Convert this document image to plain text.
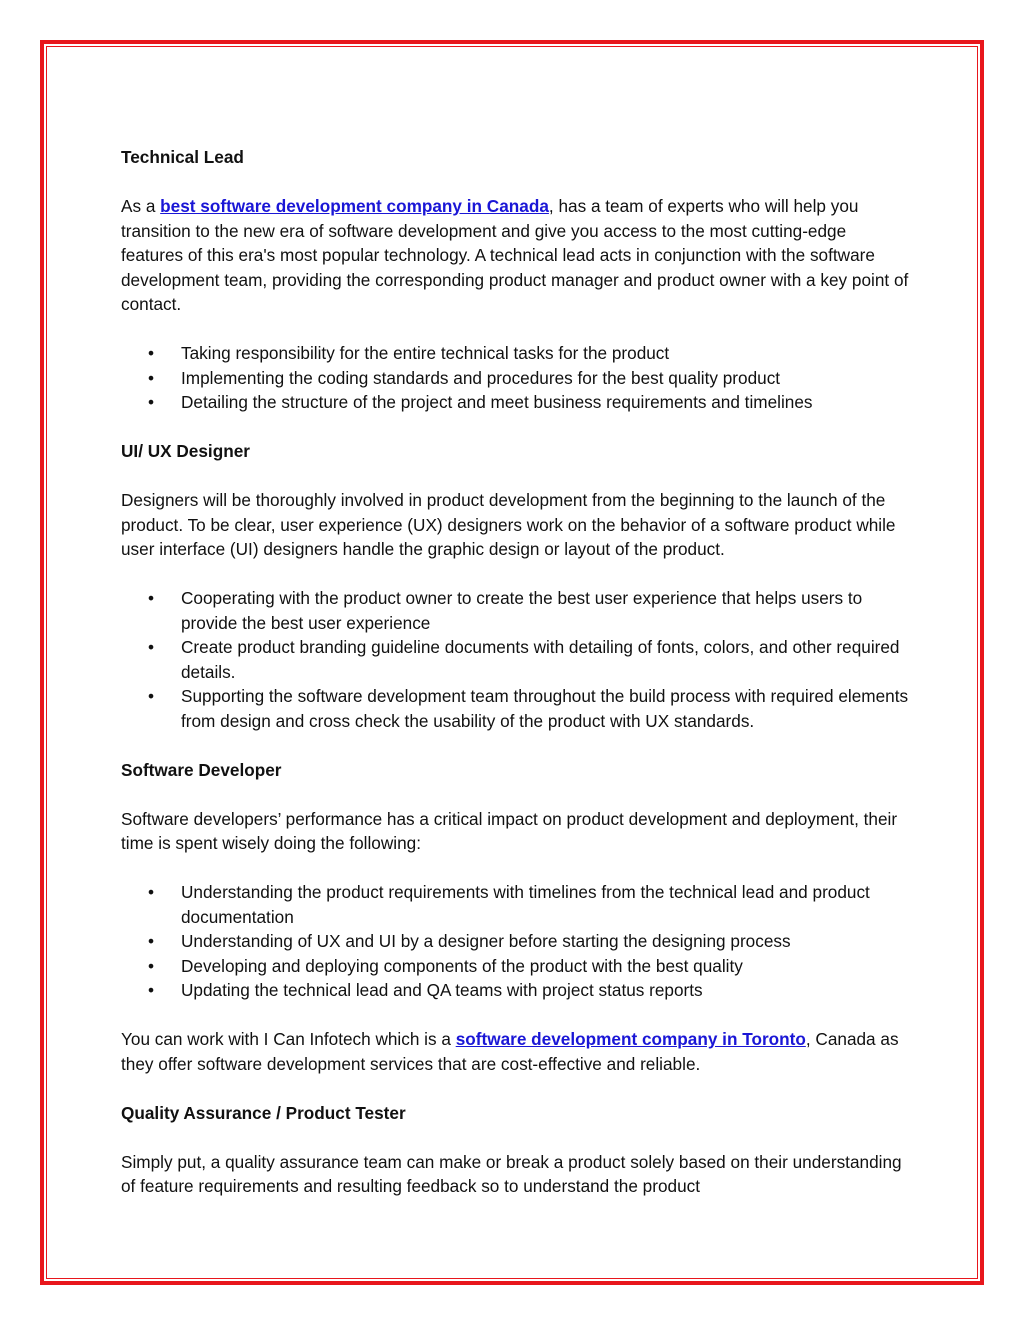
Technical Lead

As a best software development company in Canada, has a team of experts who will help you transition to the new era of software development and give you access to the most cutting-edge features of this era's most popular technology. A technical lead acts in conjunction with the software development team, providing the corresponding product manager and product owner with a key point of contact.

• Taking responsibility for the entire technical tasks for the product
• Implementing the coding standards and procedures for the best quality product
• Detailing the structure of the project and meet business requirements and timelines

UI/ UX Designer

Designers will be thoroughly involved in product development from the beginning to the launch of the product. To be clear, user experience (UX) designers work on the behavior of a software product while user interface (UI) designers handle the graphic design or layout of the product.

• Cooperating with the product owner to create the best user experience that helps users to provide the best user experience
• Create product branding guideline documents with detailing of fonts, colors, and other required details.
• Supporting the software development team throughout the build process with required elements from design and cross check the usability of the product with UX standards.

Software Developer

Software developers’ performance has a critical impact on product development and deployment, their time is spent wisely doing the following:

• Understanding the product requirements with timelines from the technical lead and product documentation
• Understanding of UX and UI by a designer before starting the designing process
• Developing and deploying components of the product with the best quality
• Updating the technical lead and QA teams with project status reports

You can work with I Can Infotech which is a software development company in Toronto, Canada as they offer software development services that are cost-effective and reliable.

Quality Assurance / Product Tester

Simply put, a quality assurance team can make or break a product solely based on their understanding of feature requirements and resulting feedback so to understand the product
